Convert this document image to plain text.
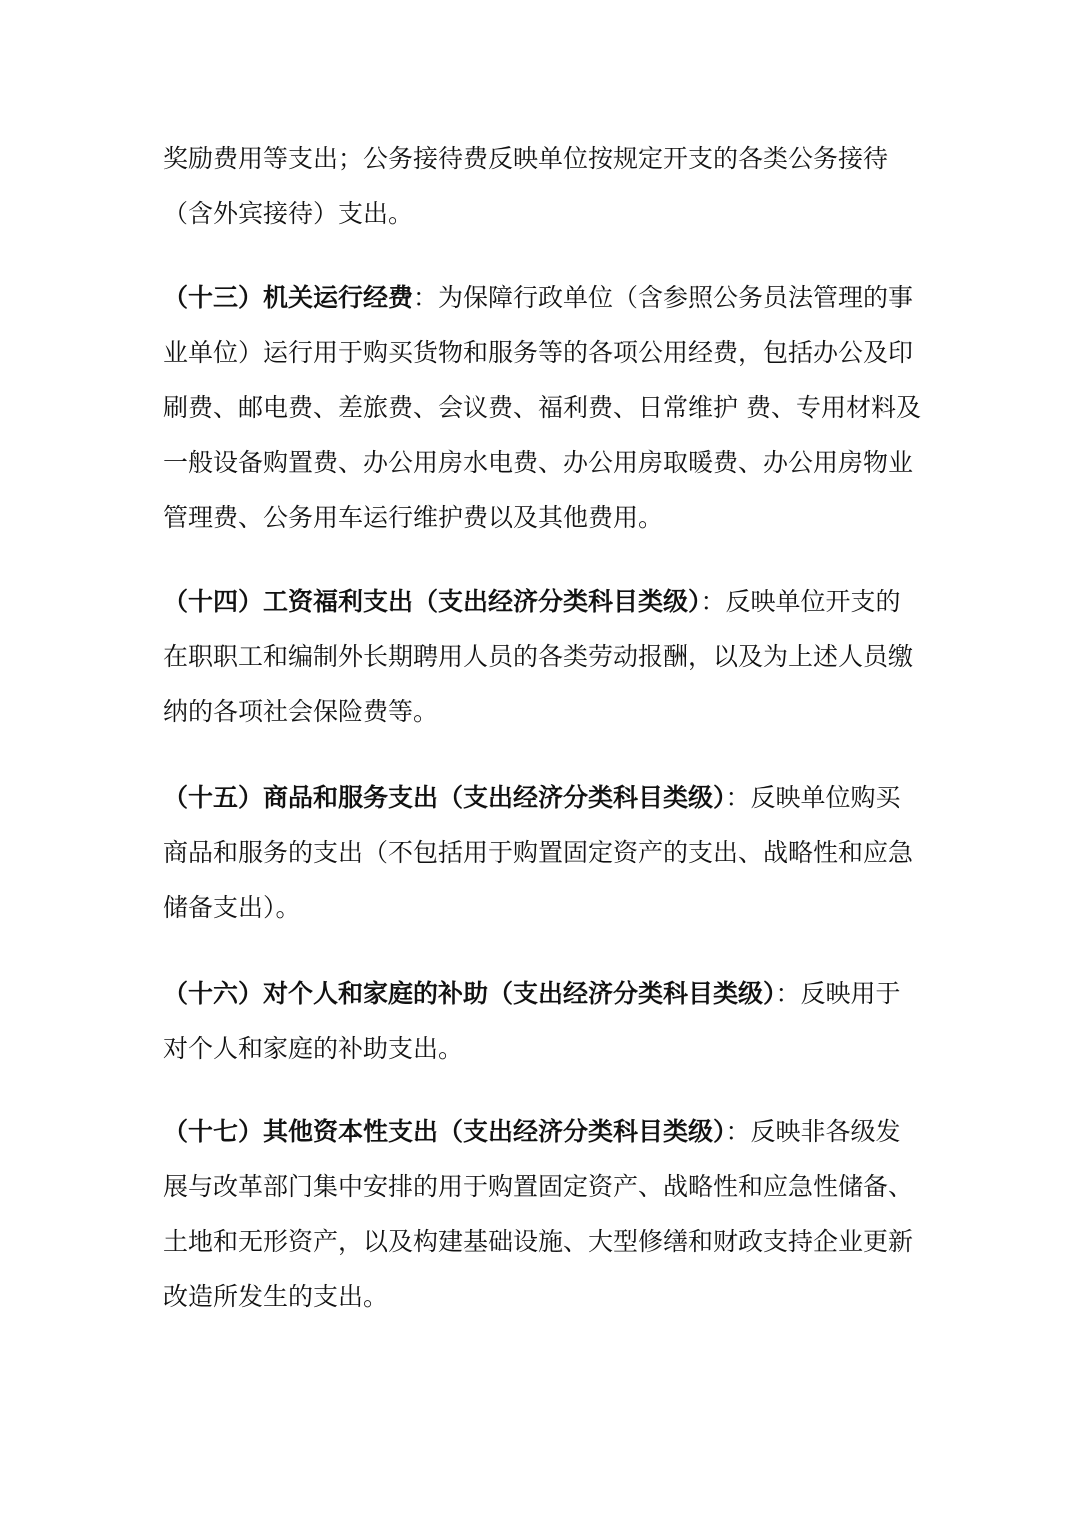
奖励费用等支出；公务接待费反映单位按规定开支的各类公务接待
（含外宾接待）支出。

（十三）机关运行经费：为保障行政单位（含参照公务员法管理的事
业单位）运行用于购买货物和服务等的各项公用经费，包括办公及印
刷费、邮电费、差旅费、会议费、福利费、日常维护 费、专用材料及
一般设备购置费、办公用房水电费、办公用房取暖费、办公用房物业
管理费、公务用车运行维护费以及其他费用。

（十四）工资福利支出（支出经济分类科目类级）：反映单位开支的
在职职工和编制外长期聘用人员的各类劳动报酬，以及为上述人员缴
纳的各项社会保险费等。

（十五）商品和服务支出（支出经济分类科目类级）：反映单位购买
商品和服务的支出（不包括用于购置固定资产的支出、战略性和应急
储备支出）。

（十六）对个人和家庭的补助（支出经济分类科目类级）：反映用于
对个人和家庭的补助支出。

（十七）其他资本性支出（支出经济分类科目类级）：反映非各级发
展与改革部门集中安排的用于购置固定资产、战略性和应急性储备、
土地和无形资产，以及构建基础设施、大型修缮和财政支持企业更新
改造所发生的支出。
